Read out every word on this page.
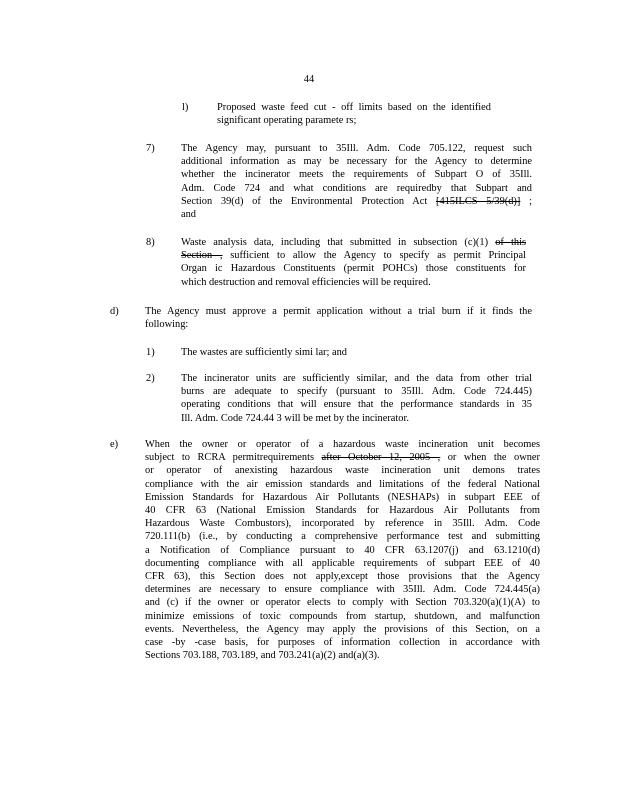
44
l)	Proposed waste feed cut - off limits based on the identified
significant operating paramete rs;
7)	The Agency may, pursuant to 35Ill. Adm. Code 705.122, request such
additional information as may be necessary for the Agency to determine
whether the incinerator meets the requirements of Subpart O of 35Ill.
Adm. Code 724 and what conditions are requiredby that Subpart and
Section 39(d) of the Environmental Protection Act [415ILCS 5/39(d)] ;
and
8)	Waste analysis data, including that submitted in subsection (c)(1) of this
Section , sufficient to allow the Agency to specify as permit Principal
Organ ic Hazardous Constituents (permit POHCs) those constituents for
which destruction and removal efficiencies will be required.
d)	The Agency must approve a permit application without a trial burn if it finds the
following:
1)	The wastes are sufficiently simi lar; and
2)	The incinerator units are sufficiently similar, and the data from other trial
burns are adequate to specify (pursuant to 35Ill. Adm. Code 724.445)
operating conditions that will ensure that the performance standards in 35
Ill. Adm. Code 724.44 3 will be met by the incinerator.
e)	When the owner or operator of a hazardous waste incineration unit becomes
subject to RCRA permitrequirements after October 12, 2005 , or when the owner
or operator of anexisting hazardous waste incineration unit demons trates
compliance with the air emission standards and limitations of the federal National
Emission Standards for Hazardous Air Pollutants (NESHAPs) in subpart EEE of
40 CFR 63 (National Emission Standards for Hazardous Air Pollutants from
Hazardous Waste Combustors), incorporated by reference in 35Ill. Adm. Code
720.111(b) (i.e., by conducting a comprehensive performance test and submitting
a Notification of Compliance pursuant to 40 CFR 63.1207(j) and 63.1210(d)
documenting compliance with all applicable requirements of subpart EEE of 40
CFR 63), this Section does not apply,except those provisions that the Agency
determines are necessary to ensure compliance with 35Ill. Adm. Code 724.445(a)
and (c) if the owner or operator elects to comply with Section 703.320(a)(1)(A) to
minimize emissions of toxic compounds from startup, shutdown, and malfunction
events. Nevertheless, the Agency may apply the provisions of this Section, on a
case -by -case basis, for purposes of information collection in accordance with
Sections 703.188, 703.189, and 703.241(a)(2) and(a)(3).
